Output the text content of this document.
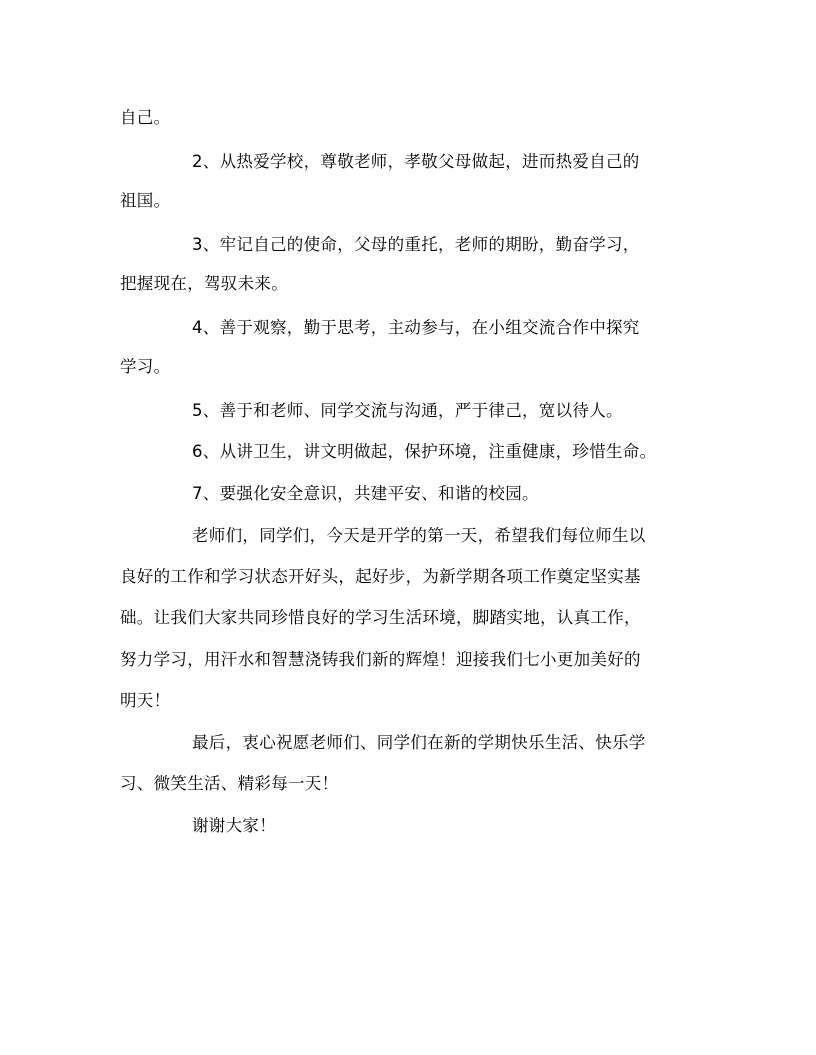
自己。
2、从热爱学校，尊敬老师，孝敬父母做起，进而热爱自己的
祖国。
3、牢记自己的使命，父母的重托，老师的期盼，勤奋学习，
把握现在，驾驭未来。
4、善于观察，勤于思考，主动参与，在小组交流合作中探究
学习。
5、善于和老师、同学交流与沟通，严于律己，宽以待人。
6、从讲卫生，讲文明做起，保护环境，注重健康，珍惜生命。
7、要强化安全意识，共建平安、和谐的校园。
老师们，同学们，今天是开学的第一天，希望我们每位师生以
良好的工作和学习状态开好头，起好步，为新学期各项工作奠定坚实基
础。让我们大家共同珍惜良好的学习生活环境，脚踏实地，认真工作，
努力学习，用汗水和智慧浇铸我们新的辉煌！迎接我们七小更加美好的
明天！
最后，衷心祝愿老师们、同学们在新的学期快乐生活、快乐学
习、微笑生活、精彩每一天！
谢谢大家！
